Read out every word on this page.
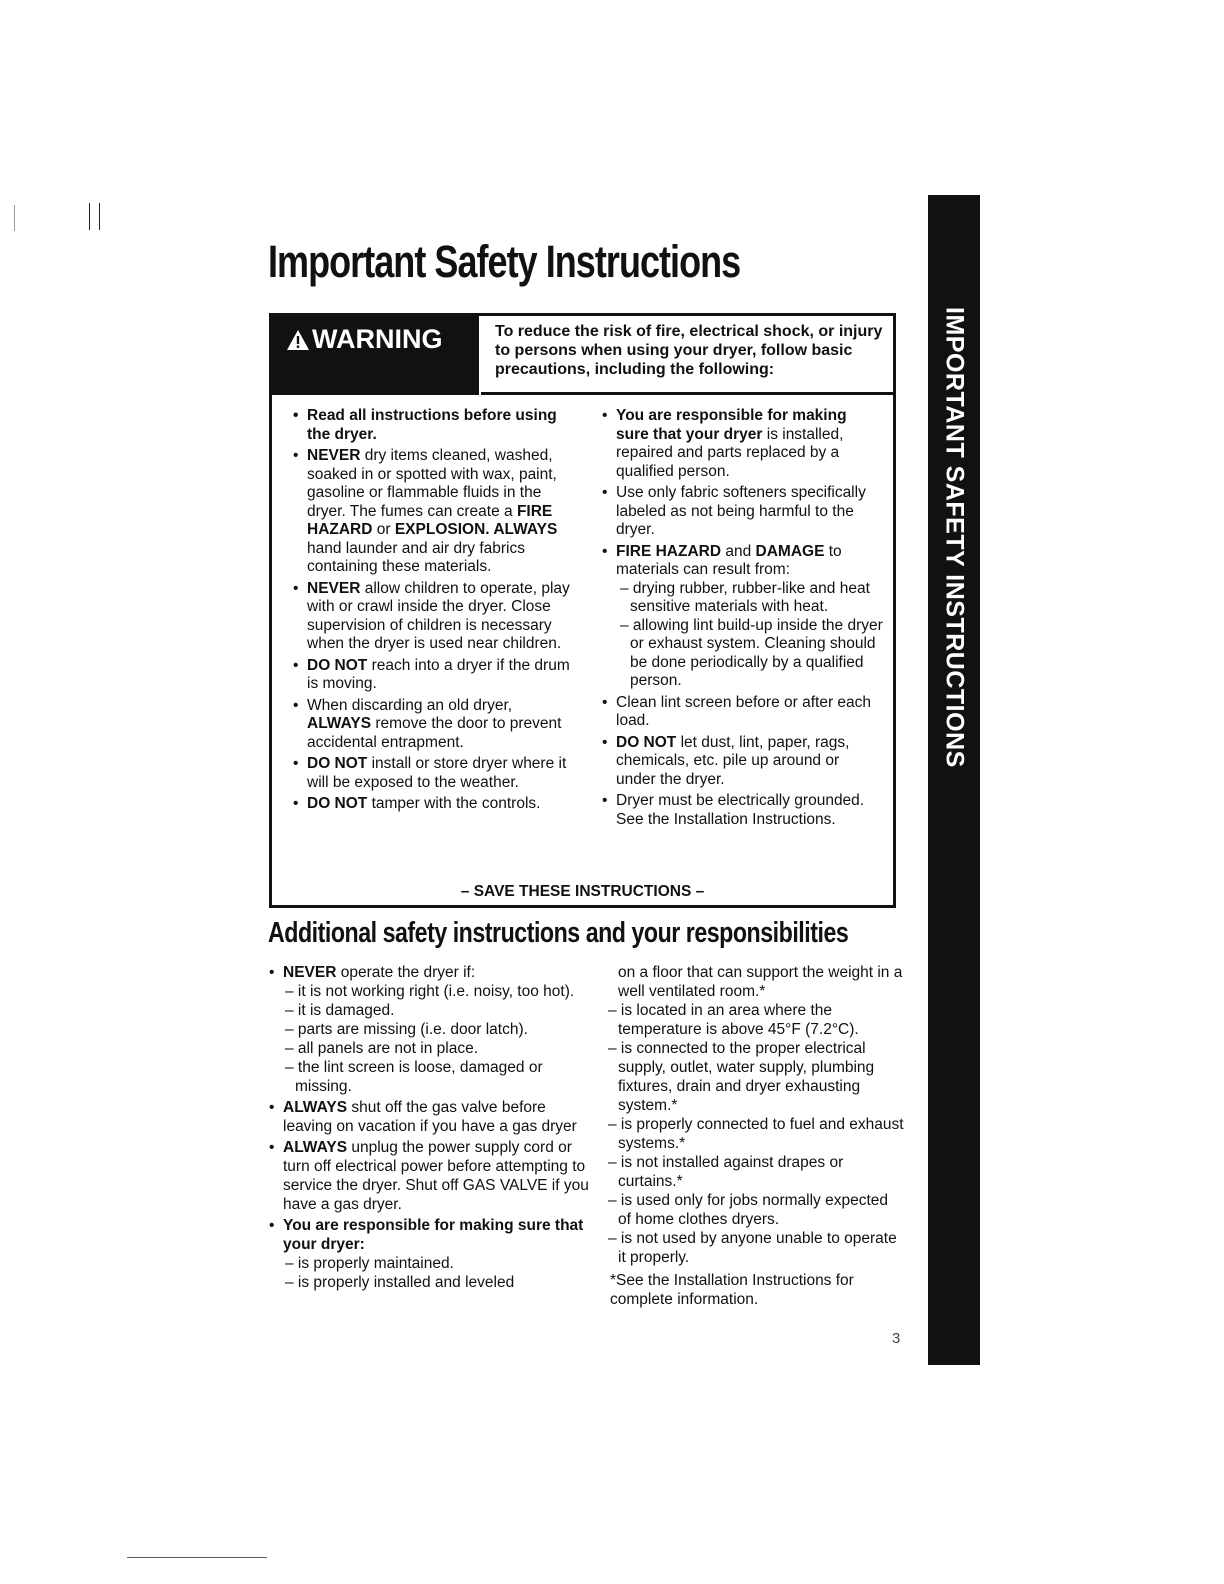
Important Safety Instructions
IMPORTANT SAFETY INSTRUCTIONS
WARNING	To reduce the risk of fire, electrical shock, or injury to persons when using your dryer, follow basic precautions, including the following:
• Read all instructions before using the dryer.
• NEVER dry items cleaned, washed, soaked in or spotted with wax, paint, gasoline or flammable fluids in the dryer. The fumes can create a FIRE HAZARD or EXPLOSION. ALWAYS hand launder and air dry fabrics containing these materials.
• NEVER allow children to operate, play with or crawl inside the dryer. Close supervision of children is necessary when the dryer is used near children.
• DO NOT reach into a dryer if the drum is moving.
• When discarding an old dryer, ALWAYS remove the door to prevent accidental entrapment.
• DO NOT install or store dryer where it will be exposed to the weather.
• DO NOT tamper with the controls.
• You are responsible for making sure that your dryer is installed, repaired and parts replaced by a qualified person.
• Use only fabric softeners specifically labeled as not being harmful to the dryer.
• FIRE HAZARD and DAMAGE to materials can result from:
– drying rubber, rubber-like and heat sensitive materials with heat.
– allowing lint build-up inside the dryer or exhaust system. Cleaning should be done periodically by a qualified person.
• Clean lint screen before or after each load.
• DO NOT let dust, lint, paper, rags, chemicals, etc. pile up around or under the dryer.
• Dryer must be electrically grounded. See the Installation Instructions.
– SAVE THESE INSTRUCTIONS –
Additional safety instructions and your responsibilities
• NEVER operate the dryer if:
– it is not working right (i.e. noisy, too hot).
– it is damaged.
– parts are missing (i.e. door latch).
– all panels are not in place.
– the lint screen is loose, damaged or missing.
• ALWAYS shut off the gas valve before leaving on vacation if you have a gas dryer
• ALWAYS unplug the power supply cord or turn off electrical power before attempting to service the dryer. Shut off GAS VALVE if you have a gas dryer.
• You are responsible for making sure that your dryer:
– is properly maintained.
– is properly installed and leveled
on a floor that can support the weight in a well ventilated room.*
– is located in an area where the temperature is above 45°F (7.2°C).
– is connected to the proper electrical supply, outlet, water supply, plumbing fixtures, drain and dryer exhausting system.*
– is properly connected to fuel and exhaust systems.*
– is not installed against drapes or curtains.*
– is used only for jobs normally expected of home clothes dryers.
– is not used by anyone unable to operate it properly.
*See the Installation Instructions for complete information.
3
